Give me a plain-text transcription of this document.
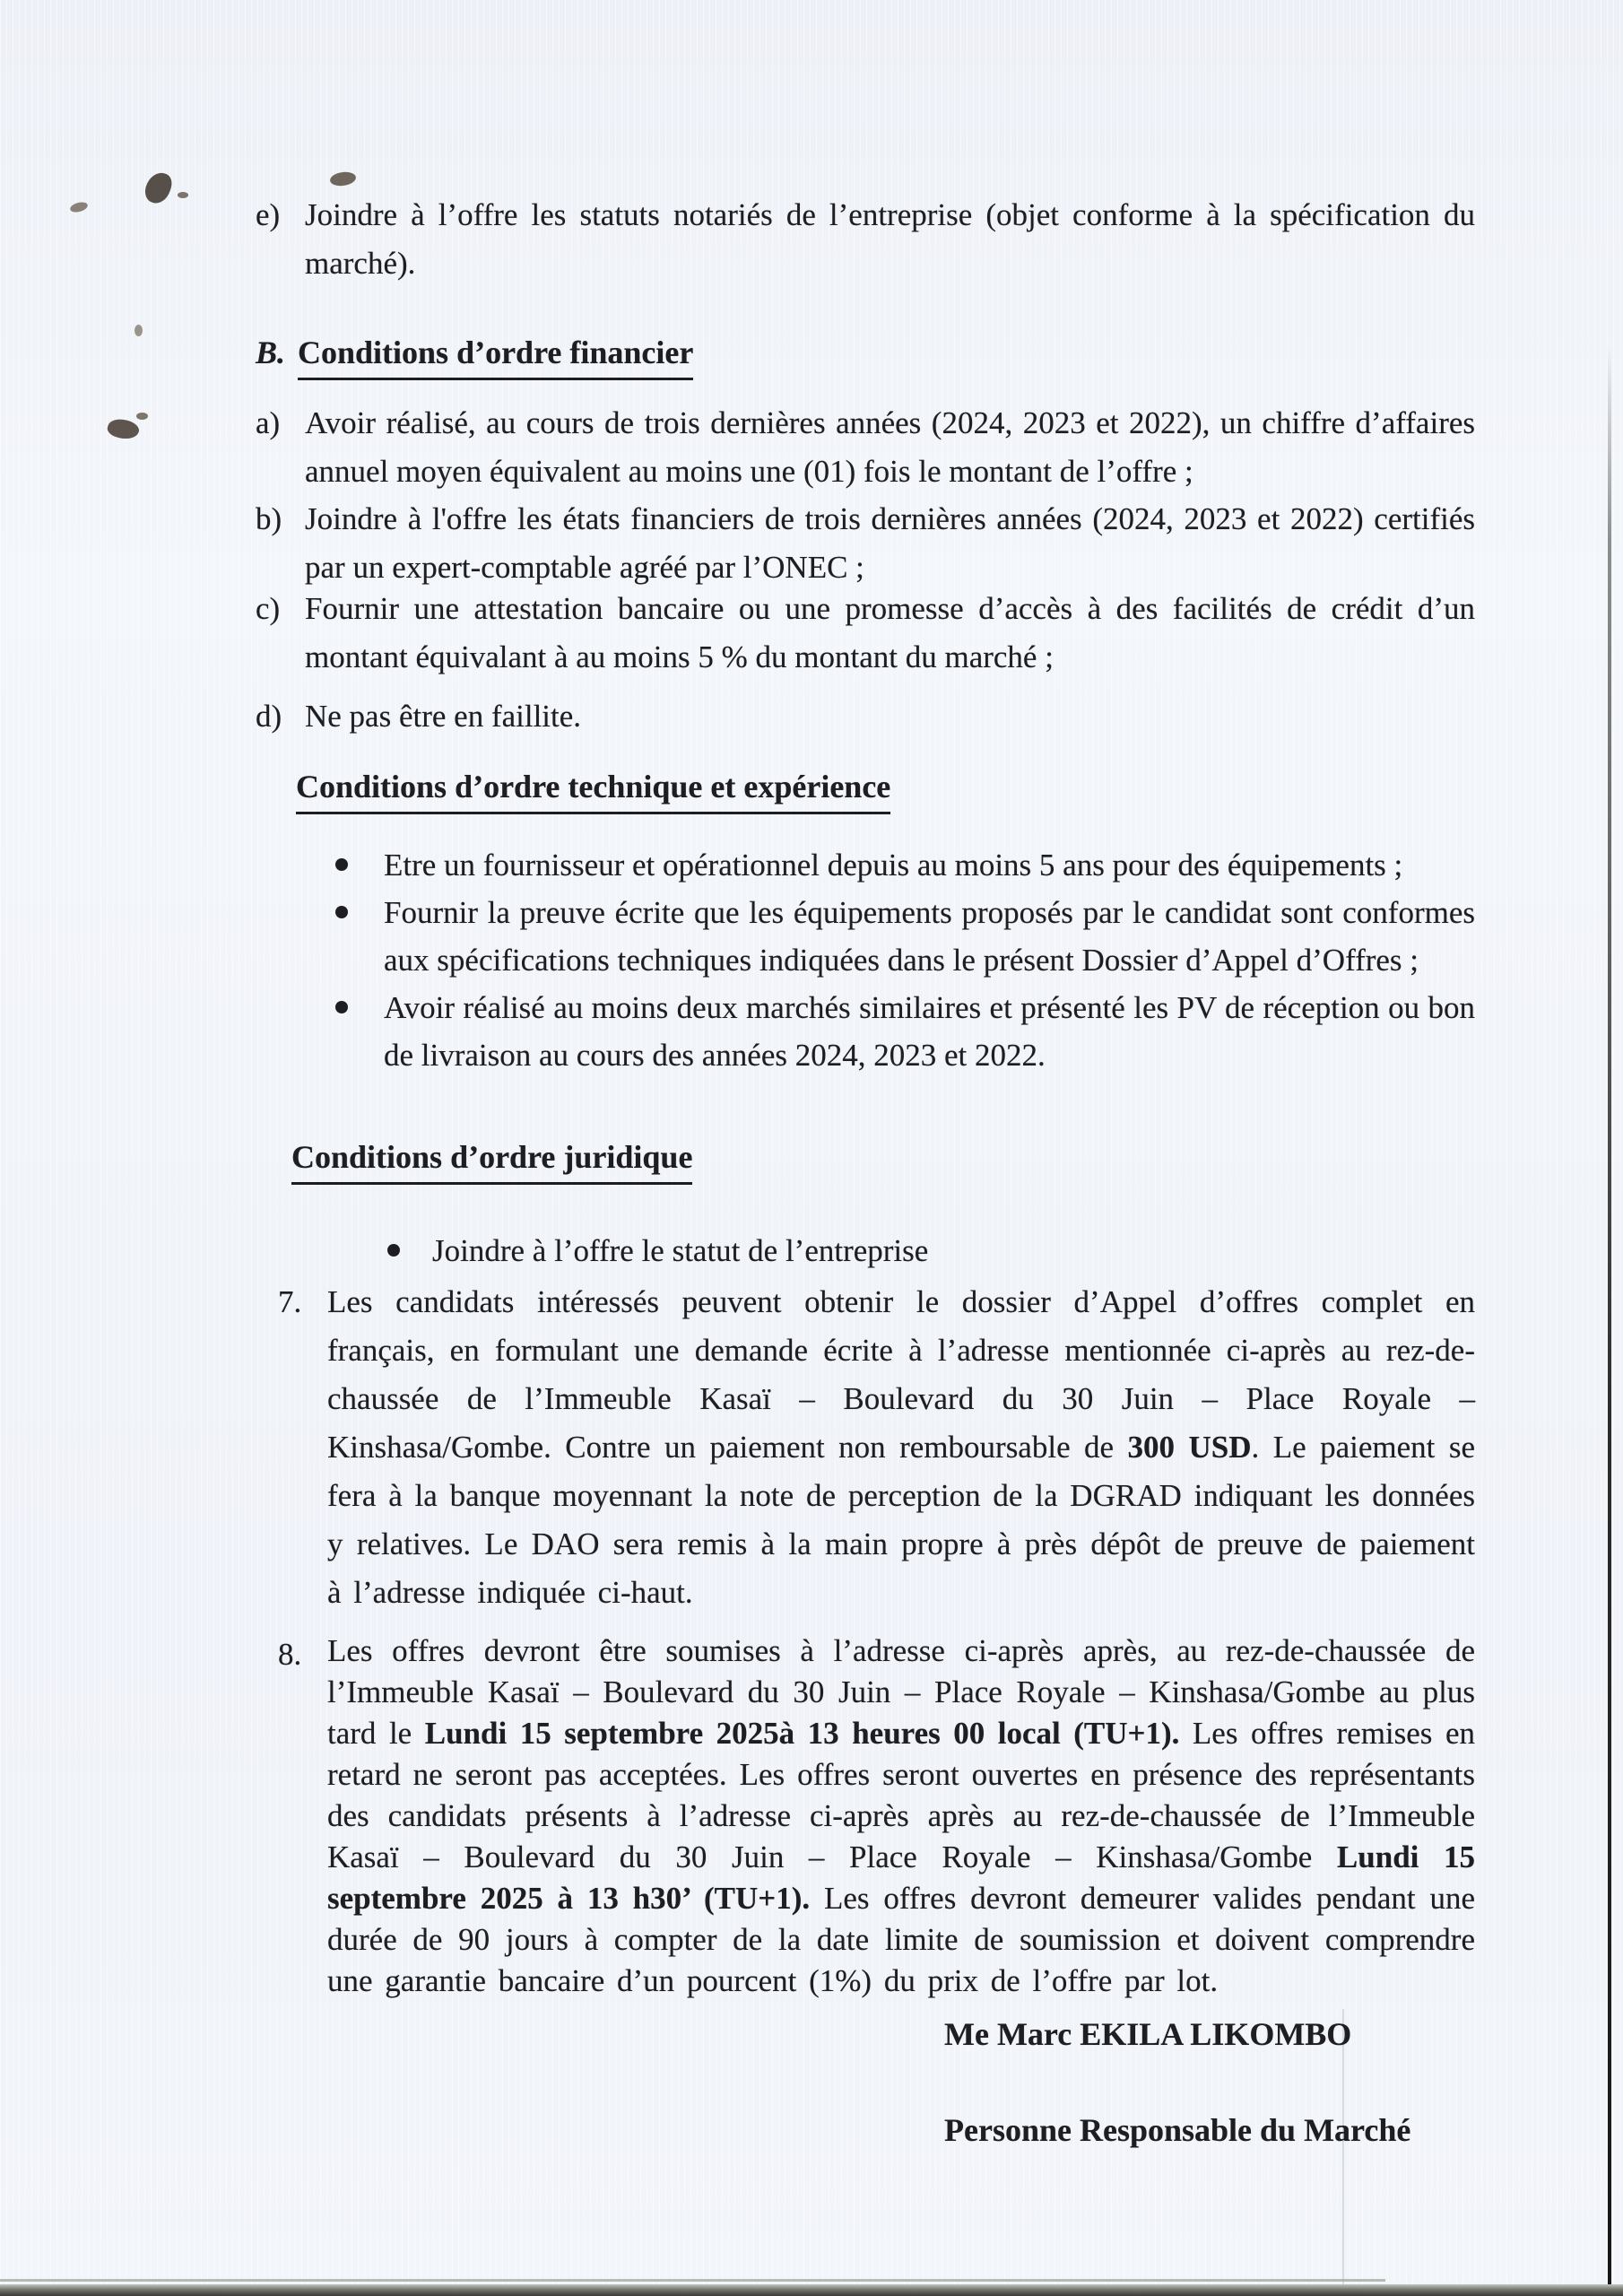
e) Joindre à l’offre les statuts notariés de l’entreprise (objet conforme à la spécification du marché).
B. Conditions d’ordre financier
a) Avoir réalisé, au cours de trois dernières années (2024, 2023 et 2022), un chiffre d’affaires annuel moyen équivalent au moins une (01) fois le montant de l’offre ;
b) Joindre à l'offre les états financiers de trois dernières années (2024, 2023 et 2022) certifiés par un expert-comptable agréé par l’ONEC ;
c) Fournir une attestation bancaire ou une promesse d’accès à des facilités de crédit d’un montant équivalant à au moins 5 % du montant du marché ;
d) Ne pas être en faillite.
Conditions d’ordre technique et expérience
Etre un fournisseur et opérationnel depuis au moins 5 ans pour des équipements ;
Fournir la preuve écrite que les équipements proposés par le candidat sont conformes aux spécifications techniques indiquées dans le présent Dossier d’Appel d’Offres ;
Avoir réalisé au moins deux marchés similaires et présenté les PV de réception ou bon de livraison au cours des années 2024, 2023 et 2022.
Conditions d’ordre juridique
Joindre à l’offre le statut de l’entreprise
7. Les candidats intéressés peuvent obtenir le dossier d’Appel d’offres complet en français, en formulant une demande écrite à l’adresse mentionnée ci-après au rez-de-chaussée de l’Immeuble Kasaï – Boulevard du 30 Juin – Place Royale – Kinshasa/Gombe. Contre un paiement non remboursable de 300 USD. Le paiement se fera à la banque moyennant la note de perception de la DGRAD indiquant les données y relatives. Le DAO sera remis à la main propre à près dépôt de preuve de paiement à l’adresse indiquée ci-haut.
8. Les offres devront être soumises à l’adresse ci-après après, au rez-de-chaussée de l’Immeuble Kasaï – Boulevard du 30 Juin – Place Royale – Kinshasa/Gombe au plus tard le Lundi 15 septembre 2025à 13 heures 00 local (TU+1). Les offres remises en retard ne seront pas acceptées. Les offres seront ouvertes en présence des représentants des candidats présents à l’adresse ci-après après au rez-de-chaussée de l’Immeuble Kasaï – Boulevard du 30 Juin – Place Royale – Kinshasa/Gombe Lundi 15 septembre 2025 à 13 h30’ (TU+1). Les offres devront demeurer valides pendant une durée de 90 jours à compter de la date limite de soumission et doivent comprendre une garantie bancaire d’un pourcent (1%) du prix de l’offre par lot.
Me Marc EKILA LIKOMBO
Personne Responsable du Marché
